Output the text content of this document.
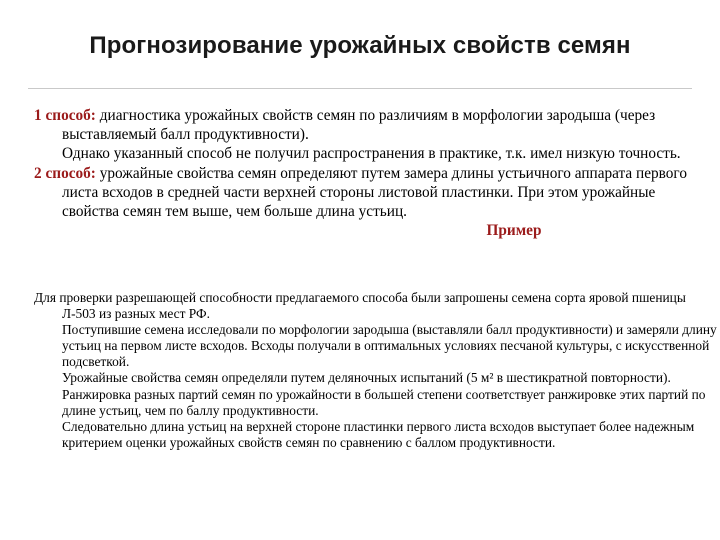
Прогнозирование урожайных свойств семян

1 способ: диагностика урожайных свойств семян по различиям в морфологии зародыша (через выставляемый балл продуктивности).

Однако указанный способ не получил распространения в практике, т.к. имел низкую точность.

2 способ: урожайные свойства семян определяют путем замера длины устьичного аппарата первого листа всходов в средней части верхней стороны листовой пластинки. При этом урожайные свойства семян тем выше, чем больше длина устьиц.

Пример

Для проверки разрешающей способности предлагаемого способа были запрошены семена сорта яровой пшеницы Л-503 из разных мест РФ.

Поступившие семена исследовали по морфологии зародыша (выставляли балл продуктивности) и замеряли длину устьиц на первом листе всходов. Всходы получали в оптимальных условиях песчаной культуры, с искусственной подсветкой.

Урожайные свойства семян определяли путем деляночных испытаний (5 м² в шестикратной повторности).

Ранжировка разных партий семян по урожайности в большей степени соответствует ранжировке этих партий по длине устьиц, чем по баллу продуктивности.

Следовательно длина устьиц на верхней стороне пластинки первого листа всходов выступает более надежным критерием оценки урожайных свойств семян по сравнению с баллом продуктивности.
